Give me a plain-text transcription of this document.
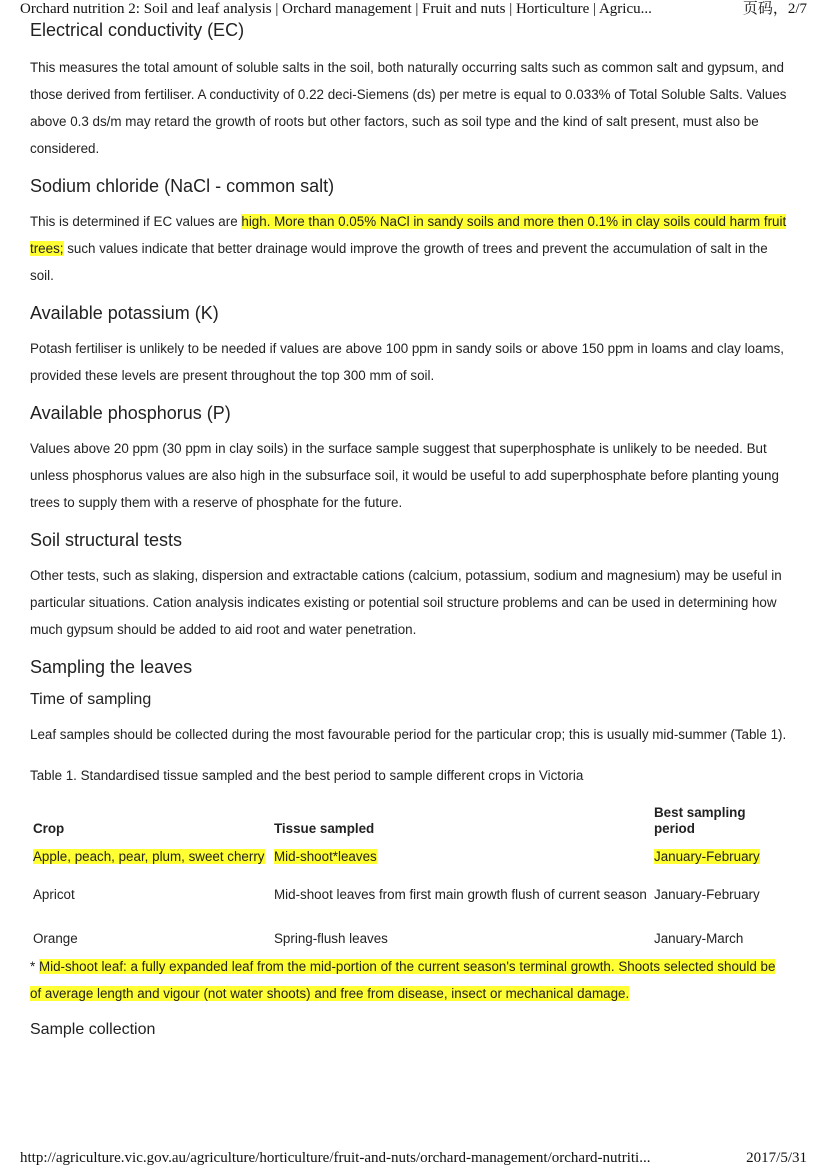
Orchard nutrition 2: Soil and leaf analysis | Orchard management | Fruit and nuts | Horticulture | Agricu...	页码，2/7
Electrical conductivity (EC)

This measures the total amount of soluble salts in the soil, both naturally occurring salts such as common salt and gypsum, and those derived from fertiliser. A conductivity of 0.22 deci-Siemens (ds) per metre is equal to 0.033% of Total Soluble Salts. Values above 0.3 ds/m may retard the growth of roots but other factors, such as soil type and the kind of salt present, must also be considered.

Sodium chloride (NaCl - common salt)

This is determined if EC values are high. More than 0.05% NaCl in sandy soils and more then 0.1% in clay soils could harm fruit trees; such values indicate that better drainage would improve the growth of trees and prevent the accumulation of salt in the soil.

Available potassium (K)

Potash fertiliser is unlikely to be needed if values are above 100 ppm in sandy soils or above 150 ppm in loams and clay loams, provided these levels are present throughout the top 300 mm of soil.

Available phosphorus (P)

Values above 20 ppm (30 ppm in clay soils) in the surface sample suggest that superphosphate is unlikely to be needed. But unless phosphorus values are also high in the subsurface soil, it would be useful to add superphosphate before planting young trees to supply them with a reserve of phosphate for the future.

Soil structural tests

Other tests, such as slaking, dispersion and extractable cations (calcium, potassium, sodium and magnesium) may be useful in particular situations. Cation analysis indicates existing or potential soil structure problems and can be used in determining how much gypsum should be added to aid root and water penetration.

Sampling the leaves
Time of sampling

Leaf samples should be collected during the most favourable period for the particular crop; this is usually mid-summer (Table 1).

Table 1. Standardised tissue sampled and the best period to sample different crops in Victoria

Crop	Tissue sampled	Best sampling period
Apple, peach, pear, plum, sweet cherry	Mid-shoot*leaves	January-February
Apricot	Mid-shoot leaves from first main growth flush of current season	January-February
Orange	Spring-flush leaves	January-March

* Mid-shoot leaf: a fully expanded leaf from the mid-portion of the current season's terminal growth. Shoots selected should be of average length and vigour (not water shoots) and free from disease, insect or mechanical damage.

Sample collection
http://agriculture.vic.gov.au/agriculture/horticulture/fruit-and-nuts/orchard-management/orchard-nutriti...	2017/5/31
